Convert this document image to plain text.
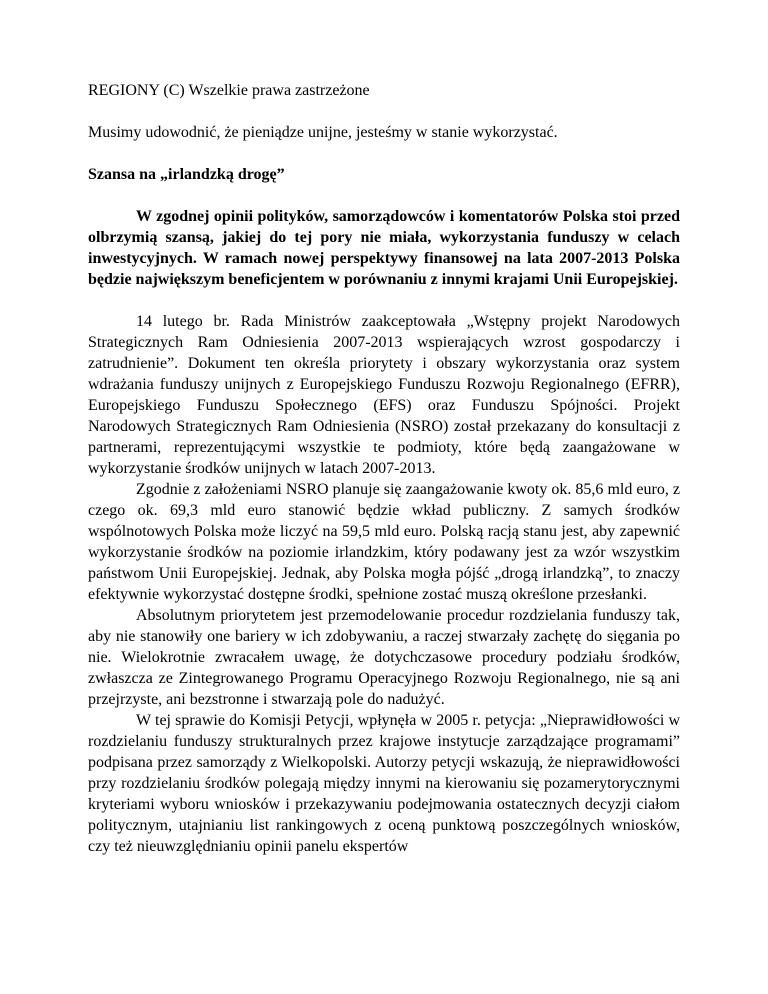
REGIONY (C) Wszelkie prawa zastrzeżone

Musimy udowodnić, że pieniądze unijne, jesteśmy w stanie wykorzystać.

Szansa na „irlandzką drogę”

W zgodnej opinii polityków, samorządowców i komentatorów Polska stoi przed olbrzymią szansą, jakiej do tej pory nie miała, wykorzystania funduszy w celach inwestycyjnych. W ramach nowej perspektywy finansowej na lata 2007-2013 Polska będzie największym beneficjentem w porównaniu z innymi krajami Unii Europejskiej.

14 lutego br. Rada Ministrów zaakceptowała „Wstępny projekt Narodowych Strategicznych Ram Odniesienia 2007-2013 wspierających wzrost gospodarczy i zatrudnienie”. Dokument ten określa priorytety i obszary wykorzystania oraz system wdrażania funduszy unijnych z Europejskiego Funduszu Rozwoju Regionalnego (EFRR), Europejskiego Funduszu Społecznego (EFS) oraz Funduszu Spójności. Projekt Narodowych Strategicznych Ram Odniesienia (NSRO) został przekazany do konsultacji z partnerami, reprezentującymi wszystkie te podmioty, które będą zaangażowane w wykorzystanie środków unijnych w latach 2007-2013.

Zgodnie z założeniami NSRO planuje się zaangażowanie kwoty ok. 85,6 mld euro, z czego ok. 69,3 mld euro stanowić będzie wkład publiczny. Z samych środków wspólnotowych Polska może liczyć na 59,5 mld euro. Polską racją stanu jest, aby zapewnić wykorzystanie środków na poziomie irlandzkim, który podawany jest za wzór wszystkim państwom Unii Europejskiej. Jednak, aby Polska mogła pójść „drogą irlandzką”, to znaczy efektywnie wykorzystać dostępne środki, spełnione zostać muszą określone przesłanki.

Absolutnym priorytetem jest przemodelowanie procedur rozdzielania funduszy tak, aby nie stanowiły one bariery w ich zdobywaniu, a raczej stwarzały zachętę do sięgania po nie. Wielokrotnie zwracałem uwagę, że dotychczasowe procedury podziału środków, zwłaszcza ze Zintegrowanego Programu Operacyjnego Rozwoju Regionalnego, nie są ani przejrzyste, ani bezstronne i stwarzają pole do nadużyć.

W tej sprawie do Komisji Petycji, wpłynęła w 2005 r. petycja: „Nieprawidłowości w rozdzielaniu funduszy strukturalnych przez krajowe instytucje zarządzające programami” podpisana przez samorządy z Wielkopolski. Autorzy petycji wskazują, że nieprawidłowości przy rozdzielaniu środków polegają między innymi na kierowaniu się pozamerytorycznymi kryteriami wyboru wniosków i przekazywaniu podejmowania ostatecznych decyzji ciałom politycznym, utajnianiu list rankingowych z oceną punktową poszczególnych wniosków, czy też nieuwzględnianiu opinii panelu ekspertów
